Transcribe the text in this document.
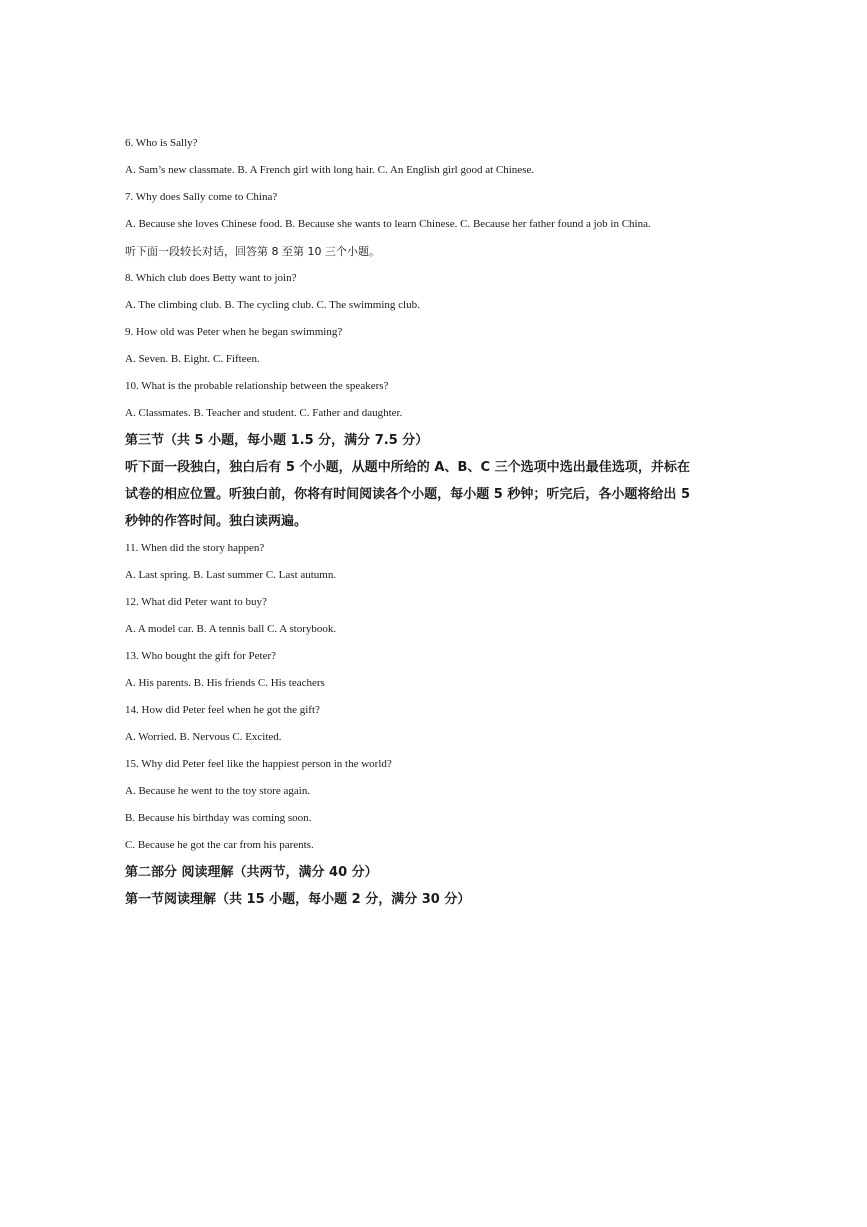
6. Who is Sally?
A. Sam’s new classmate. B. A French girl with long hair. C. An English girl good at Chinese.
7. Why does Sally come to China?
A. Because she loves Chinese food. B. Because she wants to learn Chinese. C. Because her father found a job in China.
听下面一段较长对话，回答第 8 至第 10 三个小题。
8. Which club does Betty want to join?
A. The climbing club. B. The cycling club. C. The swimming club.
9. How old was Peter when he began swimming?
A. Seven. B. Eight. C. Fifteen.
10. What is the probable relationship between the speakers?
A. Classmates. B. Teacher and student. C. Father and daughter.
第三节（共 5 小题，每小题 1.5 分，满分 7.5 分）
听下面一段独白，独白后有 5 个小题，从题中所给的 A、B、C 三个选项中选出最佳选项，并标在试卷的相应位置。听独白前，你将有时间阅读各个小题，每小题 5 秒钟；听完后，各小题将给出 5 秒钟的作答时间。独白读两遍。
11. When did the story happen?
A. Last spring. B. Last summer C. Last autumn.
12. What did Peter want to buy?
A. A model car. B. A tennis ball C. A storybook.
13. Who bought the gift for Peter?
A. His parents. B. His friends C. His teachers
14. How did Peter feel when he got the gift?
A. Worried. B. Nervous C. Excited.
15. Why did Peter feel like the happiest person in the world?
A. Because he went to the toy store again.
B. Because his birthday was coming soon.
C. Because he got the car from his parents.
第二部分 阅读理解（共两节，满分 40 分）
第一节阅读理解（共 15 小题，每小题 2 分，满分 30 分）
